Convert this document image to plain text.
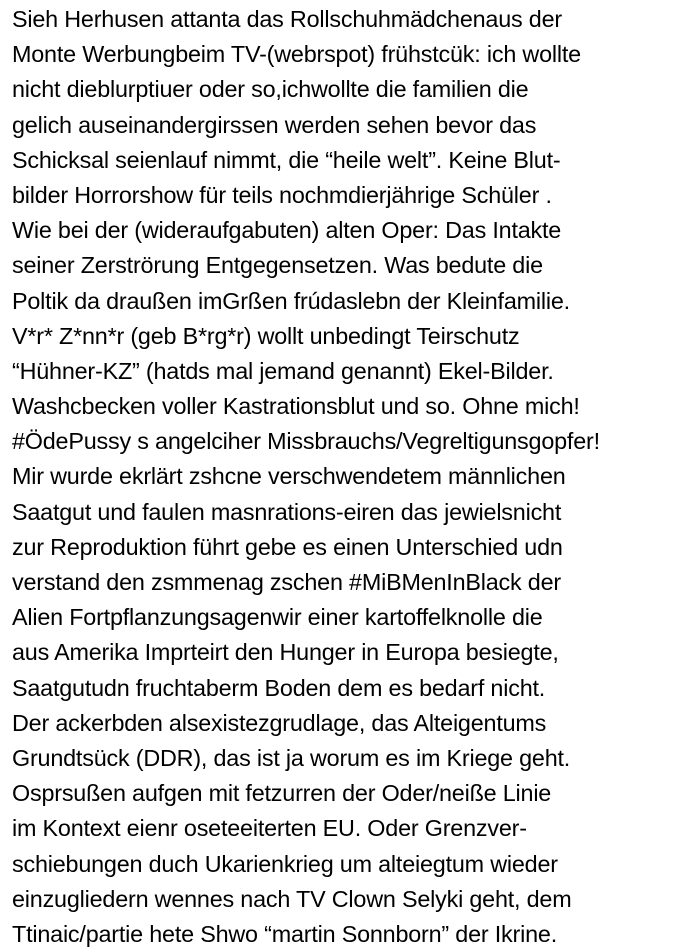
Sieh Herhusen attanta das Rollschuhmädchenaus der
Monte Werbungbeim TV-(webrspot) frühstcük: ich wollte
nicht dieblurptiuer oder so,ichwollte die familien die
gelich auseinandergirssen werden sehen bevor das
Schicksal seienlauf nimmt, die “heile welt”. Keine Blut-
bilder Horrorshow für teils nochmdierjährige Schüler .
Wie bei der (wideraufgabuten) alten Oper: Das Intakte
seiner Zerströrung Entgegensetzen. Was bedute die
Poltik da draußen imGrßen frúdaslebn der Kleinfamilie.
V*r* Z*nn*r (geb B*rg*r) wollt unbedingt Teirschutz
“Hühner-KZ” (hatds mal jemand genannt) Ekel-Bilder.
Washcbecken voller Kastrationsblut und so. Ohne mich!
#ÖdePussy s angelciher Missbrauchs/Vegreltigunsgopfer!
Mir wurde ekrlärt zshcne verschwendetem männlichen
Saatgut und faulen masnrations-eiren das jewielsnicht
zur Reproduktion führt gebe es einen Unterschied udn
verstand den zsmmenag zschen #MiBMenInBlack der
Alien Fortpflanzungsagenwir einer kartoffelknolle die
aus Amerika Imprteirt den Hunger in Europa besiegte,
Saatgutudn fruchtaberm Boden dem es bedarf nicht.
Der ackerbden alsexistezgrudlage, das Alteigentums
Grundtsück (DDR), das ist ja worum es im Kriege geht.
Osprsußen aufgen mit fetzurren der Oder/neiße Linie
im Kontext eienr oseteeiterten EU. Oder Grenzver-
schiebungen duch Ukarienkrieg um alteiegtum wieder
einzugliedern wennes nach TV Clown Selyki geht, dem
Ttinaic/partie hete Shwo “martin Sonnborn” der Ikrine.
